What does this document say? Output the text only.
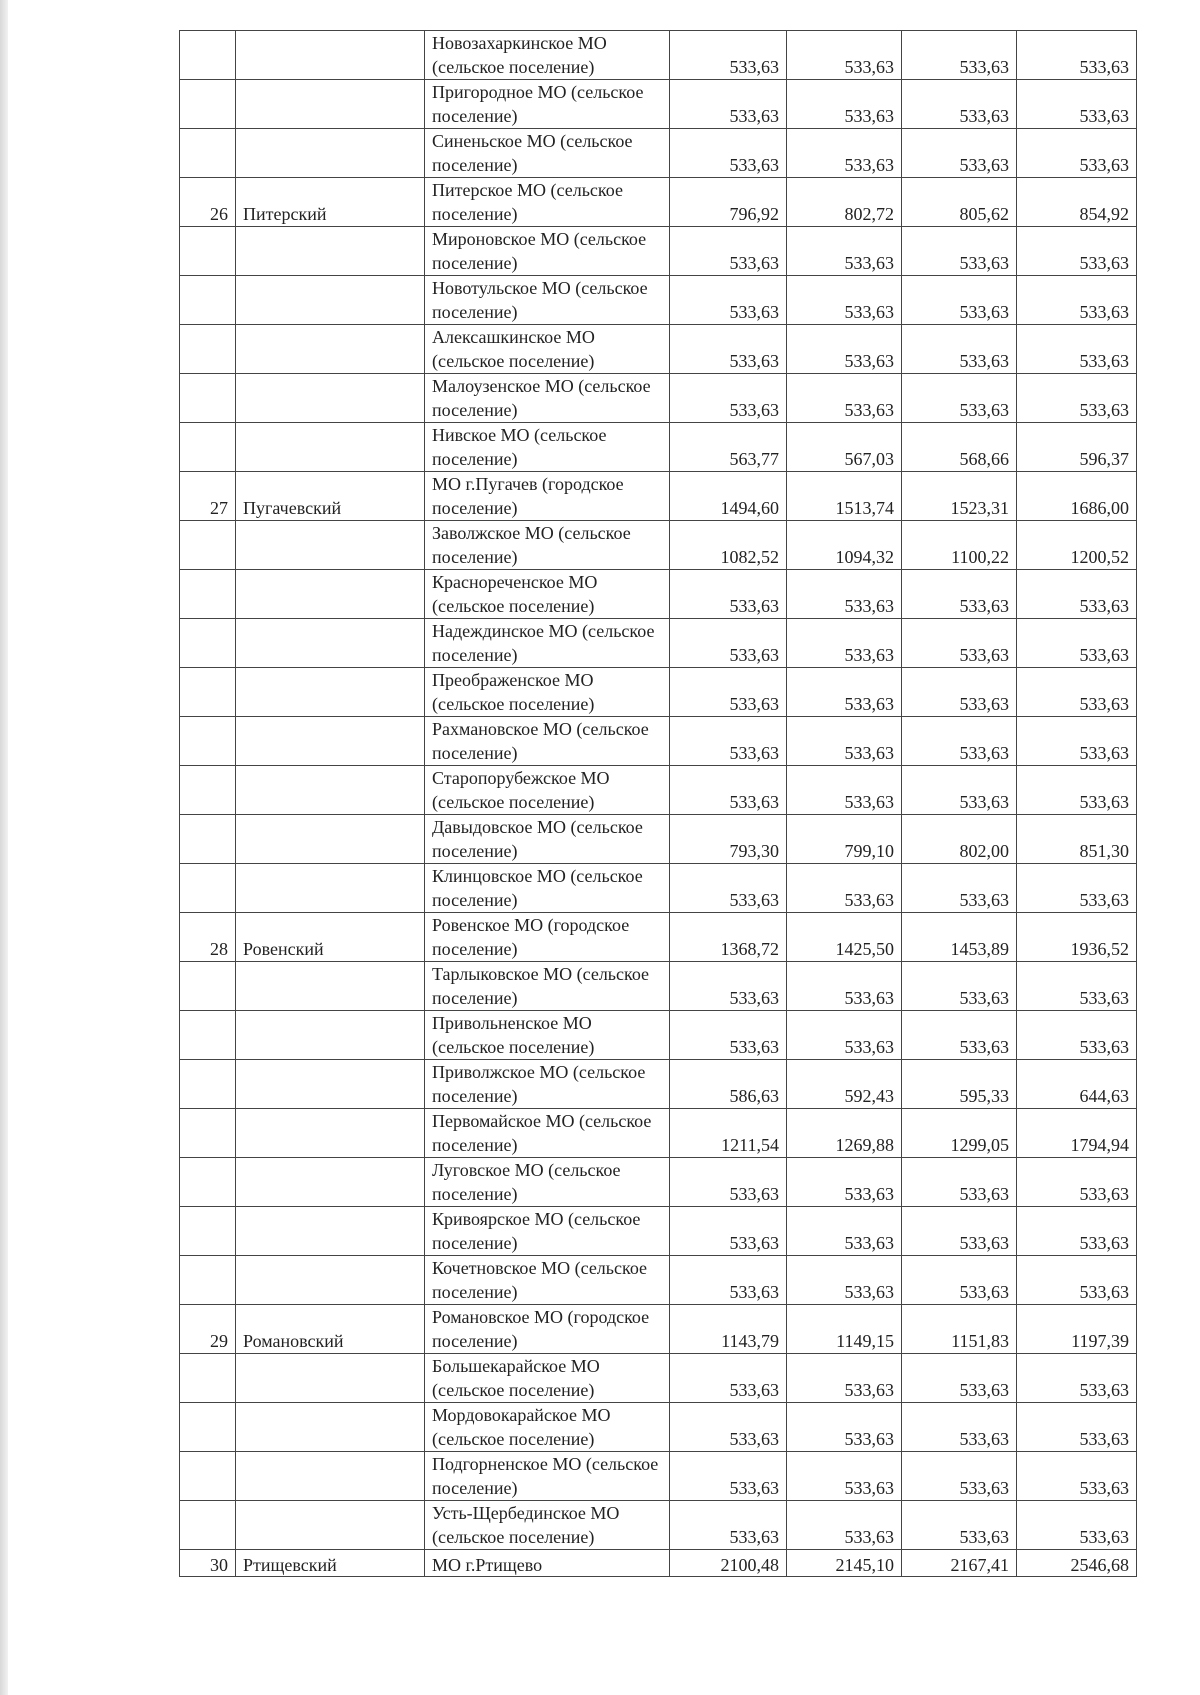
		Новозахаркинское МО (сельское поселение)	533,63	533,63	533,63	533,63
		Пригородное МО (сельское поселение)	533,63	533,63	533,63	533,63
		Синеньское МО (сельское поселение)	533,63	533,63	533,63	533,63
26	Питерский	Питерское МО (сельское поселение)	796,92	802,72	805,62	854,92
		Мироновское МО (сельское поселение)	533,63	533,63	533,63	533,63
		Новотульское МО (сельское поселение)	533,63	533,63	533,63	533,63
		Алексашкинское МО (сельское поселение)	533,63	533,63	533,63	533,63
		Малоузенское МО (сельское поселение)	533,63	533,63	533,63	533,63
		Нивское МО (сельское поселение)	563,77	567,03	568,66	596,37
27	Пугачевский	МО г.Пугачев (городское поселение)	1494,60	1513,74	1523,31	1686,00
		Заволжское МО (сельское поселение)	1082,52	1094,32	1100,22	1200,52
		Краснореченское МО (сельское поселение)	533,63	533,63	533,63	533,63
		Надеждинское МО (сельское поселение)	533,63	533,63	533,63	533,63
		Преображенское МО (сельское поселение)	533,63	533,63	533,63	533,63
		Рахмановское МО (сельское поселение)	533,63	533,63	533,63	533,63
		Старопорубежское МО (сельское поселение)	533,63	533,63	533,63	533,63
		Давыдовское МО (сельское поселение)	793,30	799,10	802,00	851,30
		Клинцовское МО (сельское поселение)	533,63	533,63	533,63	533,63
28	Ровенский	Ровенское МО (городское поселение)	1368,72	1425,50	1453,89	1936,52
		Тарлыковское МО (сельское поселение)	533,63	533,63	533,63	533,63
		Привольненское МО (сельское поселение)	533,63	533,63	533,63	533,63
		Приволжское МО (сельское поселение)	586,63	592,43	595,33	644,63
		Первомайское МО (сельское поселение)	1211,54	1269,88	1299,05	1794,94
		Луговское МО (сельское поселение)	533,63	533,63	533,63	533,63
		Кривоярское МО (сельское поселение)	533,63	533,63	533,63	533,63
		Кочетновское МО (сельское поселение)	533,63	533,63	533,63	533,63
29	Романовский	Романовское МО (городское поселение)	1143,79	1149,15	1151,83	1197,39
		Большекарайское МО (сельское поселение)	533,63	533,63	533,63	533,63
		Мордовокарайское МО (сельское поселение)	533,63	533,63	533,63	533,63
		Подгорненское МО (сельское поселение)	533,63	533,63	533,63	533,63
		Усть-Щербединское МО (сельское поселение)	533,63	533,63	533,63	533,63
30	Ртищевский	МО г.Ртищево	2100,48	2145,10	2167,41	2546,68
